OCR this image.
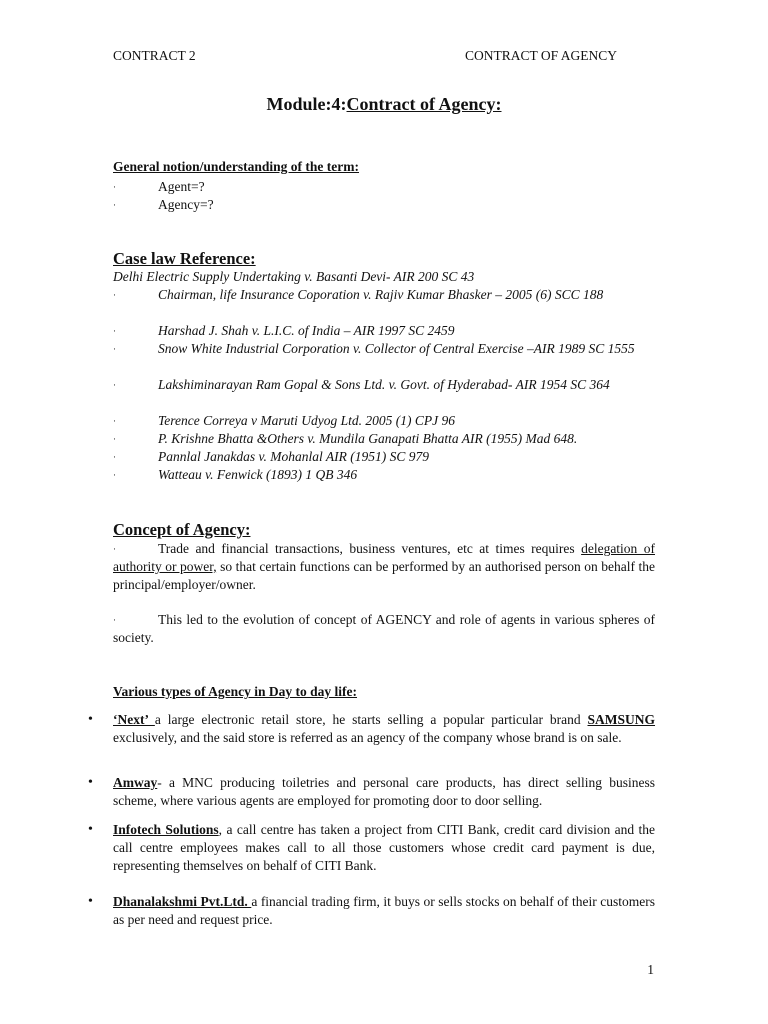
CONTRACT 2	CONTRACT OF AGENCY
Module:4:Contract of Agency:
General notion/understanding of the term:
·	Agent=?
·	Agency=?
Case law Reference:
Delhi Electric Supply Undertaking v. Basanti Devi- AIR 200 SC 43
·	Chairman, life Insurance Coporation v. Rajiv Kumar Bhasker – 2005 (6) SCC 188
·	Harshad J. Shah v. L.I.C. of India – AIR 1997 SC 2459
·	Snow White Industrial Corporation v. Collector of Central Exercise –AIR 1989 SC 1555
·	Lakshiminarayan Ram Gopal & Sons Ltd. v. Govt. of Hyderabad- AIR 1954 SC 364
·	Terence Correya v Maruti Udyog Ltd. 2005 (1) CPJ 96
·	P. Krishne Bhatta &Others v. Mundila Ganapati Bhatta AIR (1955) Mad 648.
·	Pannlal Janakdas v. Mohanlal AIR (1951) SC 979
·	Watteau v. Fenwick (1893) 1 QB 346
Concept of Agency:
·	Trade and financial transactions, business ventures, etc at times requires delegation of authority or power, so that certain functions can be performed by an authorised person on behalf the principal/employer/owner.
·	This led to the evolution of concept of AGENCY and role of agents in various spheres of society.
Various types of Agency in Day to day life:
• ‘Next’ a large electronic retail store, he starts selling a popular particular brand SAMSUNG exclusively, and the said store is referred as an agency of the company whose brand is on sale.
• Amway- a MNC producing toiletries and personal care products, has direct selling business scheme, where various agents are employed for promoting door to door selling.
• Infotech Solutions, a call centre has taken a project from CITI Bank, credit card division and the call centre employees makes call to all those customers whose credit card payment is due, representing themselves on behalf of CITI Bank.
• Dhanalakshmi Pvt.Ltd. a financial trading firm, it buys or sells stocks on behalf of their customers as per need and request price.
1
